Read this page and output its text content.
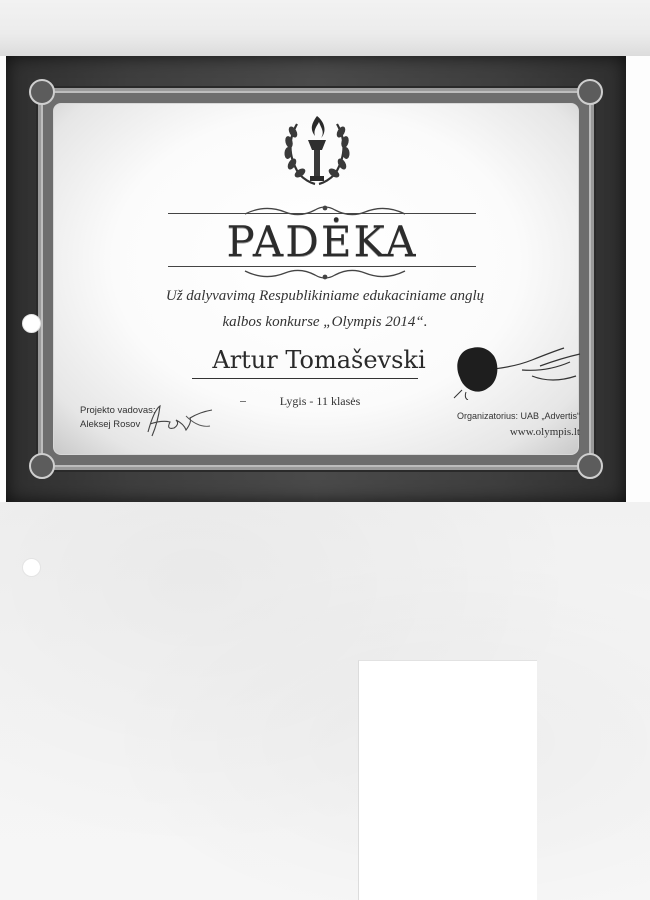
PADĖKA
Už dalyvavimą Respublikiniame edukaciniame anglų
kalbos konkurse „Olympis 2014“.
Artur Tomaševski
Lygis - 11 klasės
Projekto vadovas:
Aleksej Rosov
Organizatorius: UAB „Advertis“
www.olympis.lt
